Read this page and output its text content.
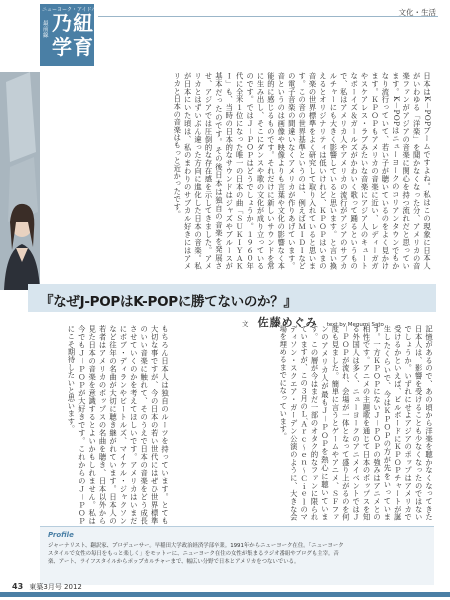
文化・生活
ニューヨーク・アイドル
最前線
乃紐
学育
日本はK－POPブームですよね。私はこの現象に日本人がいわゆる「洋楽」を聞かなくなった分、アメリカの音楽ファンがアジアの音楽に関心を持つ流れだと思っています。K－POPはニューヨークのコリアンタウンでもかなり流行っていて、若い子が聴いているのをよく見かけます。ＫＰＯＰもアメリカの音楽に近い、レディーガガやスケアレス・ラブみたいな音楽にアジア人のキュートなボーイズ＆ガールズがかわいく歌って踊るというもので、私はアメリカ人やアメリカの流行がアジアのサブカルチャーにも大きく影響していると思います。と言い換えるとオリジナリティは低いけれど、ＫＰＯＰはいまの音楽の世界標準をよく研究して取り入れていると思います。この音の世界基準というのは、例えばＭＩＤＩなどの電子音楽の間違いなくアメリカが作りあげています。音というのは画像や映像よりも言葉や文化の影響なく本能的に感じるものです。それだけに新しいサウンドを常に生み出し、そこにダンスや歌の文化が成り立っているのです。ではＪ－ＰＯＰはどうでしょうか。１９６０年代に全米１位になった唯一の日本の曲「ＳＵＫＩＹＡＫＩ」も、当時の日本的なサウンドはジャズやブルースが基本だったのです。その後日本は独自の音楽を発展させ、アジアでは圧倒的な存在感を示してきました。アメリカとはずいぶん違った方向に進化した日本の音楽。私が日本にいた頃は、私のまわりのサブカル好きにはアメリカと日本の音楽はもっと近かったです。
『なぜJ-POPはK-POPに勝てないのか？』
文 佐藤めぐみ text by Megumi Sato	記憶があるので、あの頃から洋楽を聴かなくなってきた日本人は、影響を受けることも少なくなったのではないでしょうか。いずれにせよアジアのポップはアメリカで受けるかといえば、ビルボードにＫＰＯＰチャートが誕生したくらいで、今はＫＰＯＰの方が先をいっています。一方ＫＰＯＰにないＪ－ＰＯＰの強みはアニメとの相性です。アニメの主題歌を通じて日本のポップスを知る外国人は多く、ニューヨークのアニメイベントではＪ－ＰＯＰが流れ、会場が一体となって盛り上がるのを何度も見ました。簡単に言うとゲームやアニメ、ＳＦファンのアメリカ人が最もＪ－ＰＯＰを熱心に聴いています。この層が今はまだ一部のオタク的なファンに限られていますが、この３月のＬ′Ａｒｃ～ｅｎ～Ｃｉｅｌのマディソン・スクエア・ガーデン公演のように、大きな会場を埋めるまでになっています。
もちろん日本人は独自のルーツを持っています。とても大切な事ですが、今の日本の若い世代にはぜひ世界標準のいい音楽に触れて、そのうえで日本の音楽をどう成長させていくのかを考えてほしいです。アメリカはいまだにボブ・ディランやビートルズ、マイケル・ジャクソンなど往年の名曲が大切に聴き継がれています。日本人の若者はアメリカのポップスの名曲を聴き、日本以外から見た日本の音楽を意識するとよいかもしれません。私は今でもＪ－ＰＯＰが大好きです。これからのＪ－ＰＯＰにこそ期待したいと思います。
Profile
ジャーナリスト、翻訳家、プロデューサー。早稲田大学政治経済学部卒業。1991年からニューヨーク在住。「ニューヨークスタイルで女性の毎日をもっと楽しく」をモットーに、ニューヨーク在住の女性が集まるラジオ番組やブログも主宰。音楽、アート、ライフスタイルからポップカルチャーまで、幅広い分野で日本とアメリカをつないでいる。
43 東築3月号 2012
